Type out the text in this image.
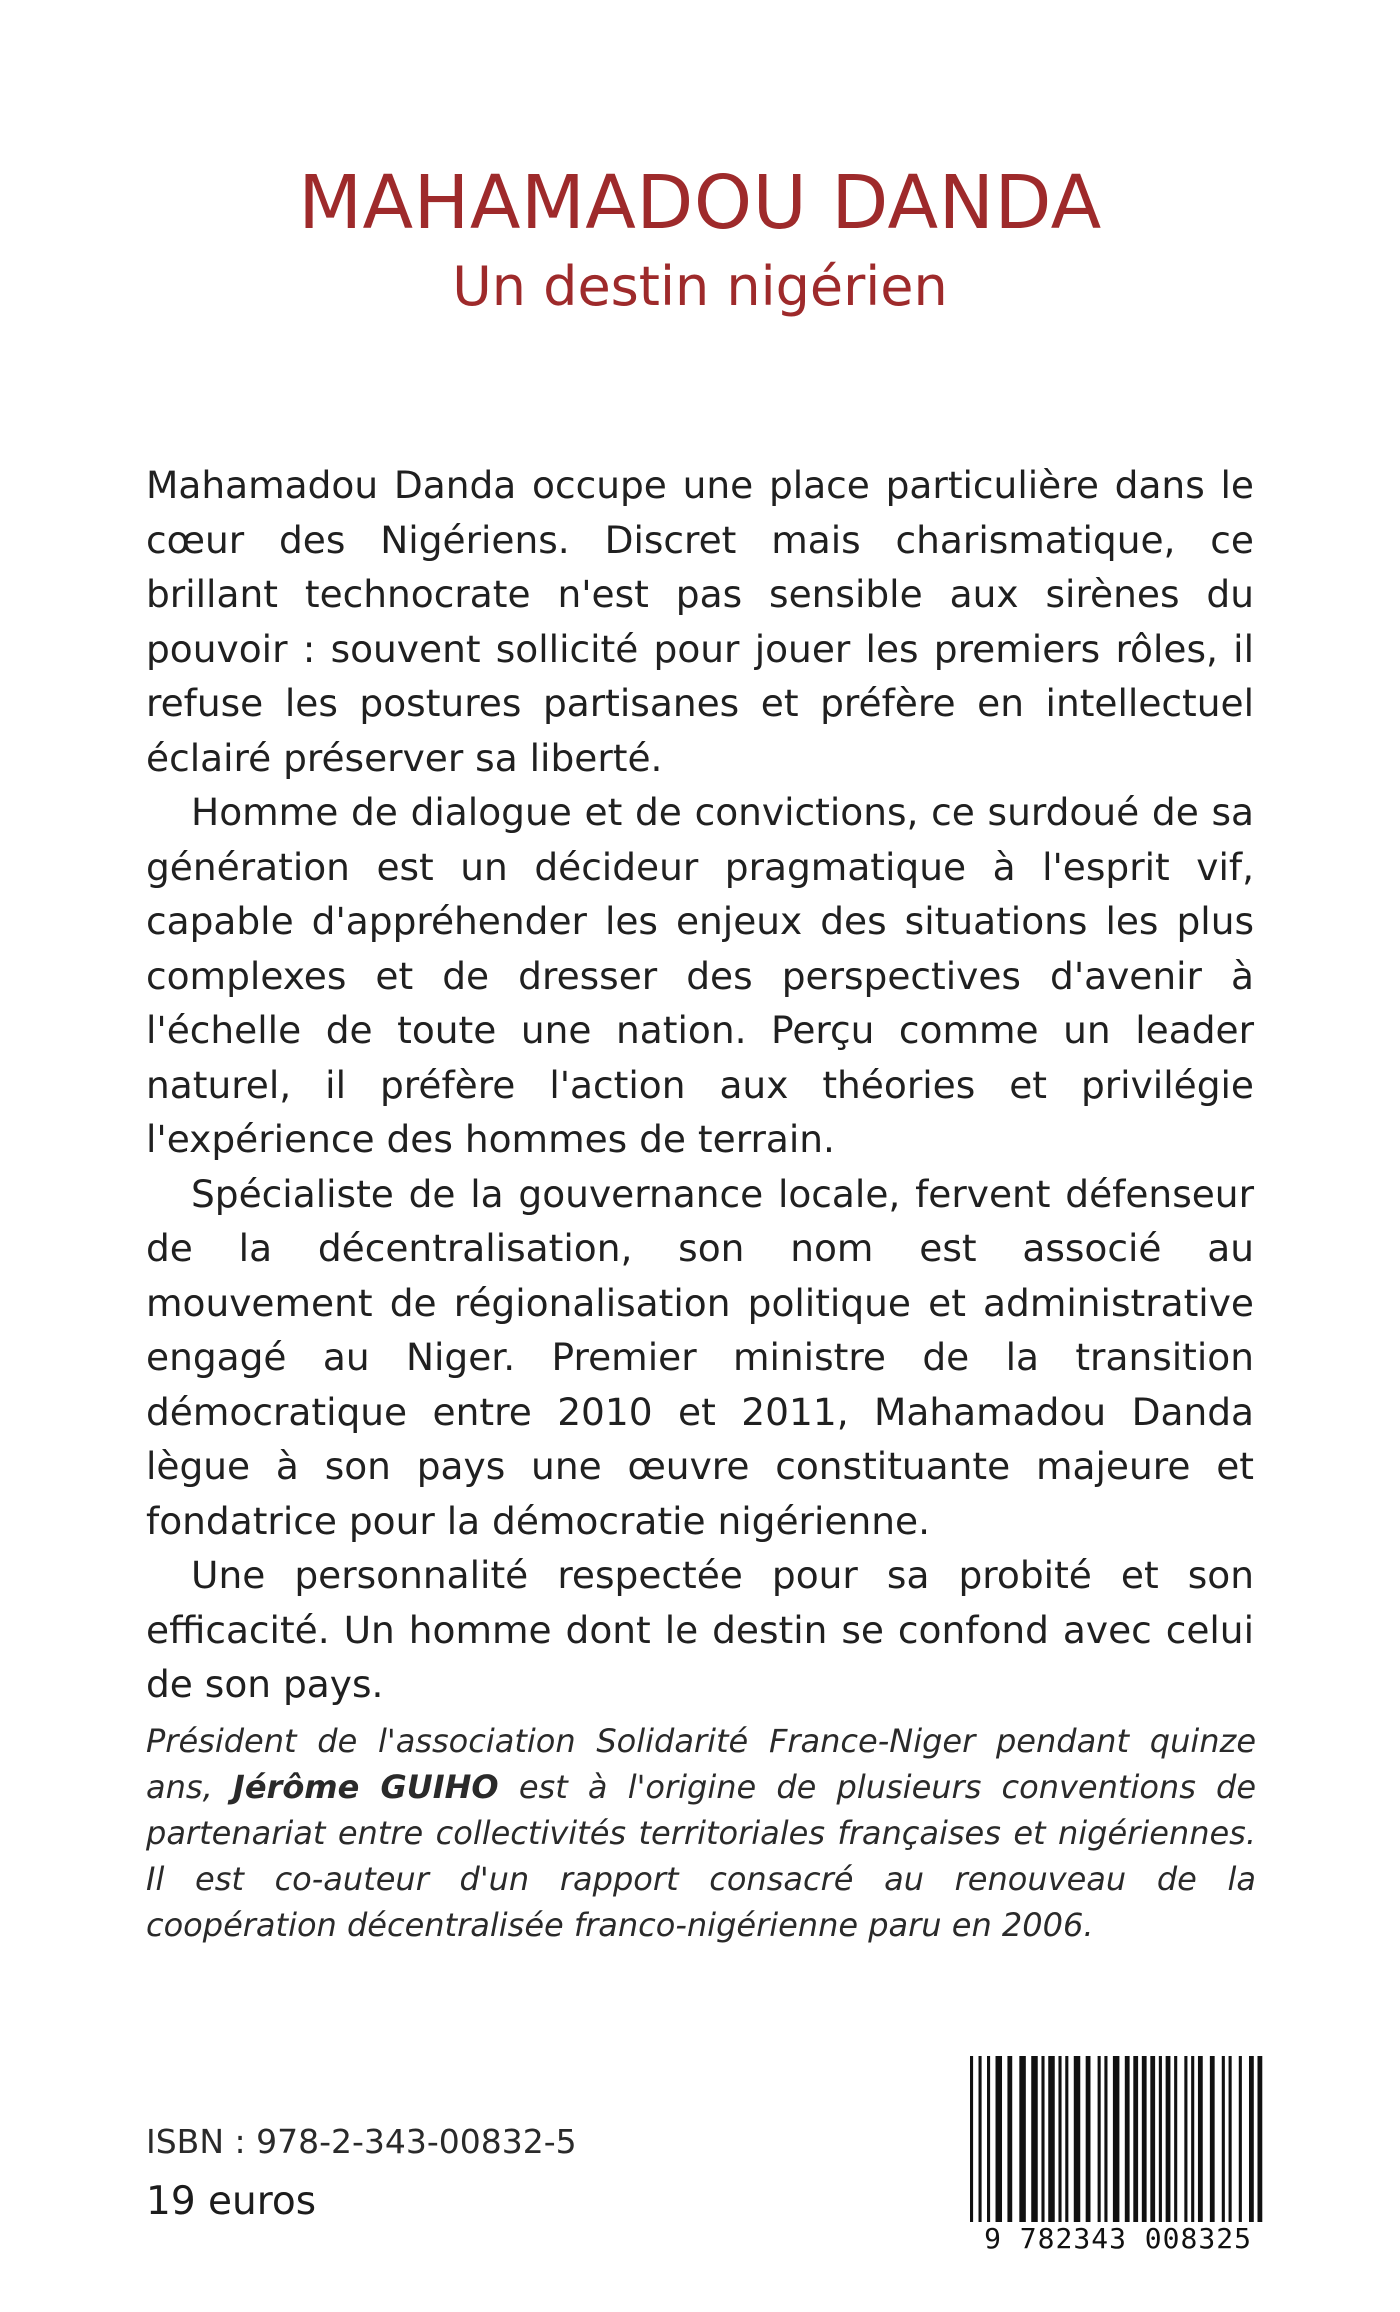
MAHAMADOU DANDA
Un destin nigérien

Mahamadou Danda occupe une place particulière dans le cœur des Nigériens. Discret mais charismatique, ce brillant technocrate n'est pas sensible aux sirènes du pouvoir : souvent sollicité pour jouer les premiers rôles, il refuse les postures partisanes et préfère en intellectuel éclairé préserver sa liberté.

Homme de dialogue et de convictions, ce surdoué de sa génération est un décideur pragmatique à l'esprit vif, capable d'appréhender les enjeux des situations les plus complexes et de dresser des perspectives d'avenir à l'échelle de toute une nation. Perçu comme un leader naturel, il préfère l'action aux théories et privilégie l'expérience des hommes de terrain.

Spécialiste de la gouvernance locale, fervent défenseur de la décentralisation, son nom est associé au mouvement de régionalisation politique et administrative engagé au Niger. Premier ministre de la transition démocratique entre 2010 et 2011, Mahamadou Danda lègue à son pays une œuvre constituante majeure et fondatrice pour la démocratie nigérienne.

Une personnalité respectée pour sa probité et son efficacité. Un homme dont le destin se confond avec celui de son pays.

Président de l'association Solidarité France-Niger pendant quinze ans, Jérôme GUIHO est à l'origine de plusieurs conventions de partenariat entre collectivités territoriales françaises et nigériennes. Il est co-auteur d'un rapport consacré au renouveau de la coopération décentralisée franco-nigérienne paru en 2006.

ISBN : 978-2-343-00832-5
19 euros
9 782343 008325
